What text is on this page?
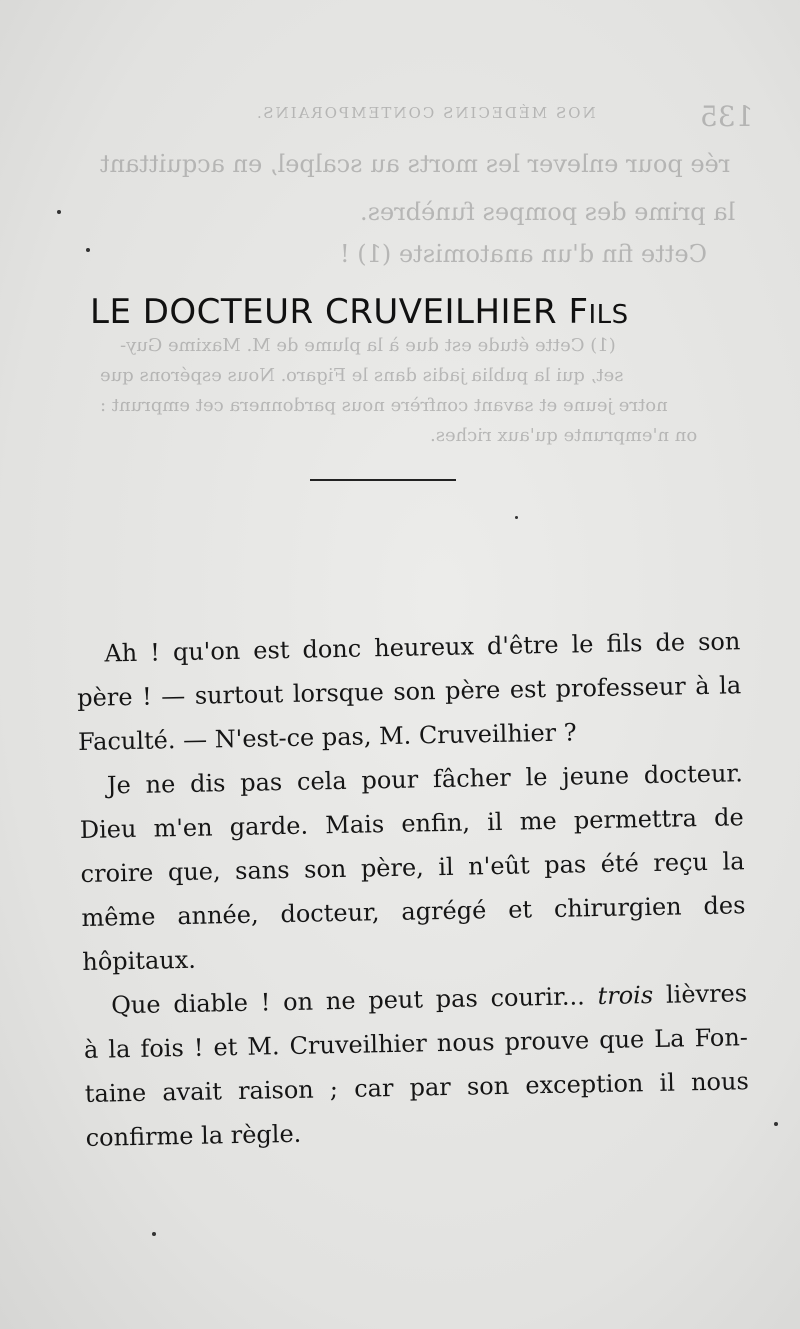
NOS MÉDECINS CONTEMPORAINS.	135
rée pour enlever les morts au scalpel, en acquittant
la prime des pompes funèbres.
Cette fin d'un anatomiste (1) !
(1) Cette étude est due à la plume de M. Maxime Guy-
set, qui la publia jadis dans le Figaro. Nous espérons que
notre jeune et savant confrère nous pardonnera cet emprunt :
on n'emprunte qu'aux riches.
LE DOCTEUR CRUVEILHIER FILS
Ah ! qu'on est donc heureux d'être le fils de son
père ! — surtout lorsque son père est professeur à la
Faculté. — N'est-ce pas, M. Cruveilhier ?
Je ne dis pas cela pour fâcher le jeune docteur.
Dieu m'en garde. Mais enfin, il me permettra de
croire que, sans son père, il n'eût pas été reçu la
même année, docteur, agrégé et chirurgien des
hôpitaux.
Que diable ! on ne peut pas courir... trois lièvres
à la fois ! et M. Cruveilhier nous prouve que La Fon-
taine avait raison ; car par son exception il nous
confirme la règle.
